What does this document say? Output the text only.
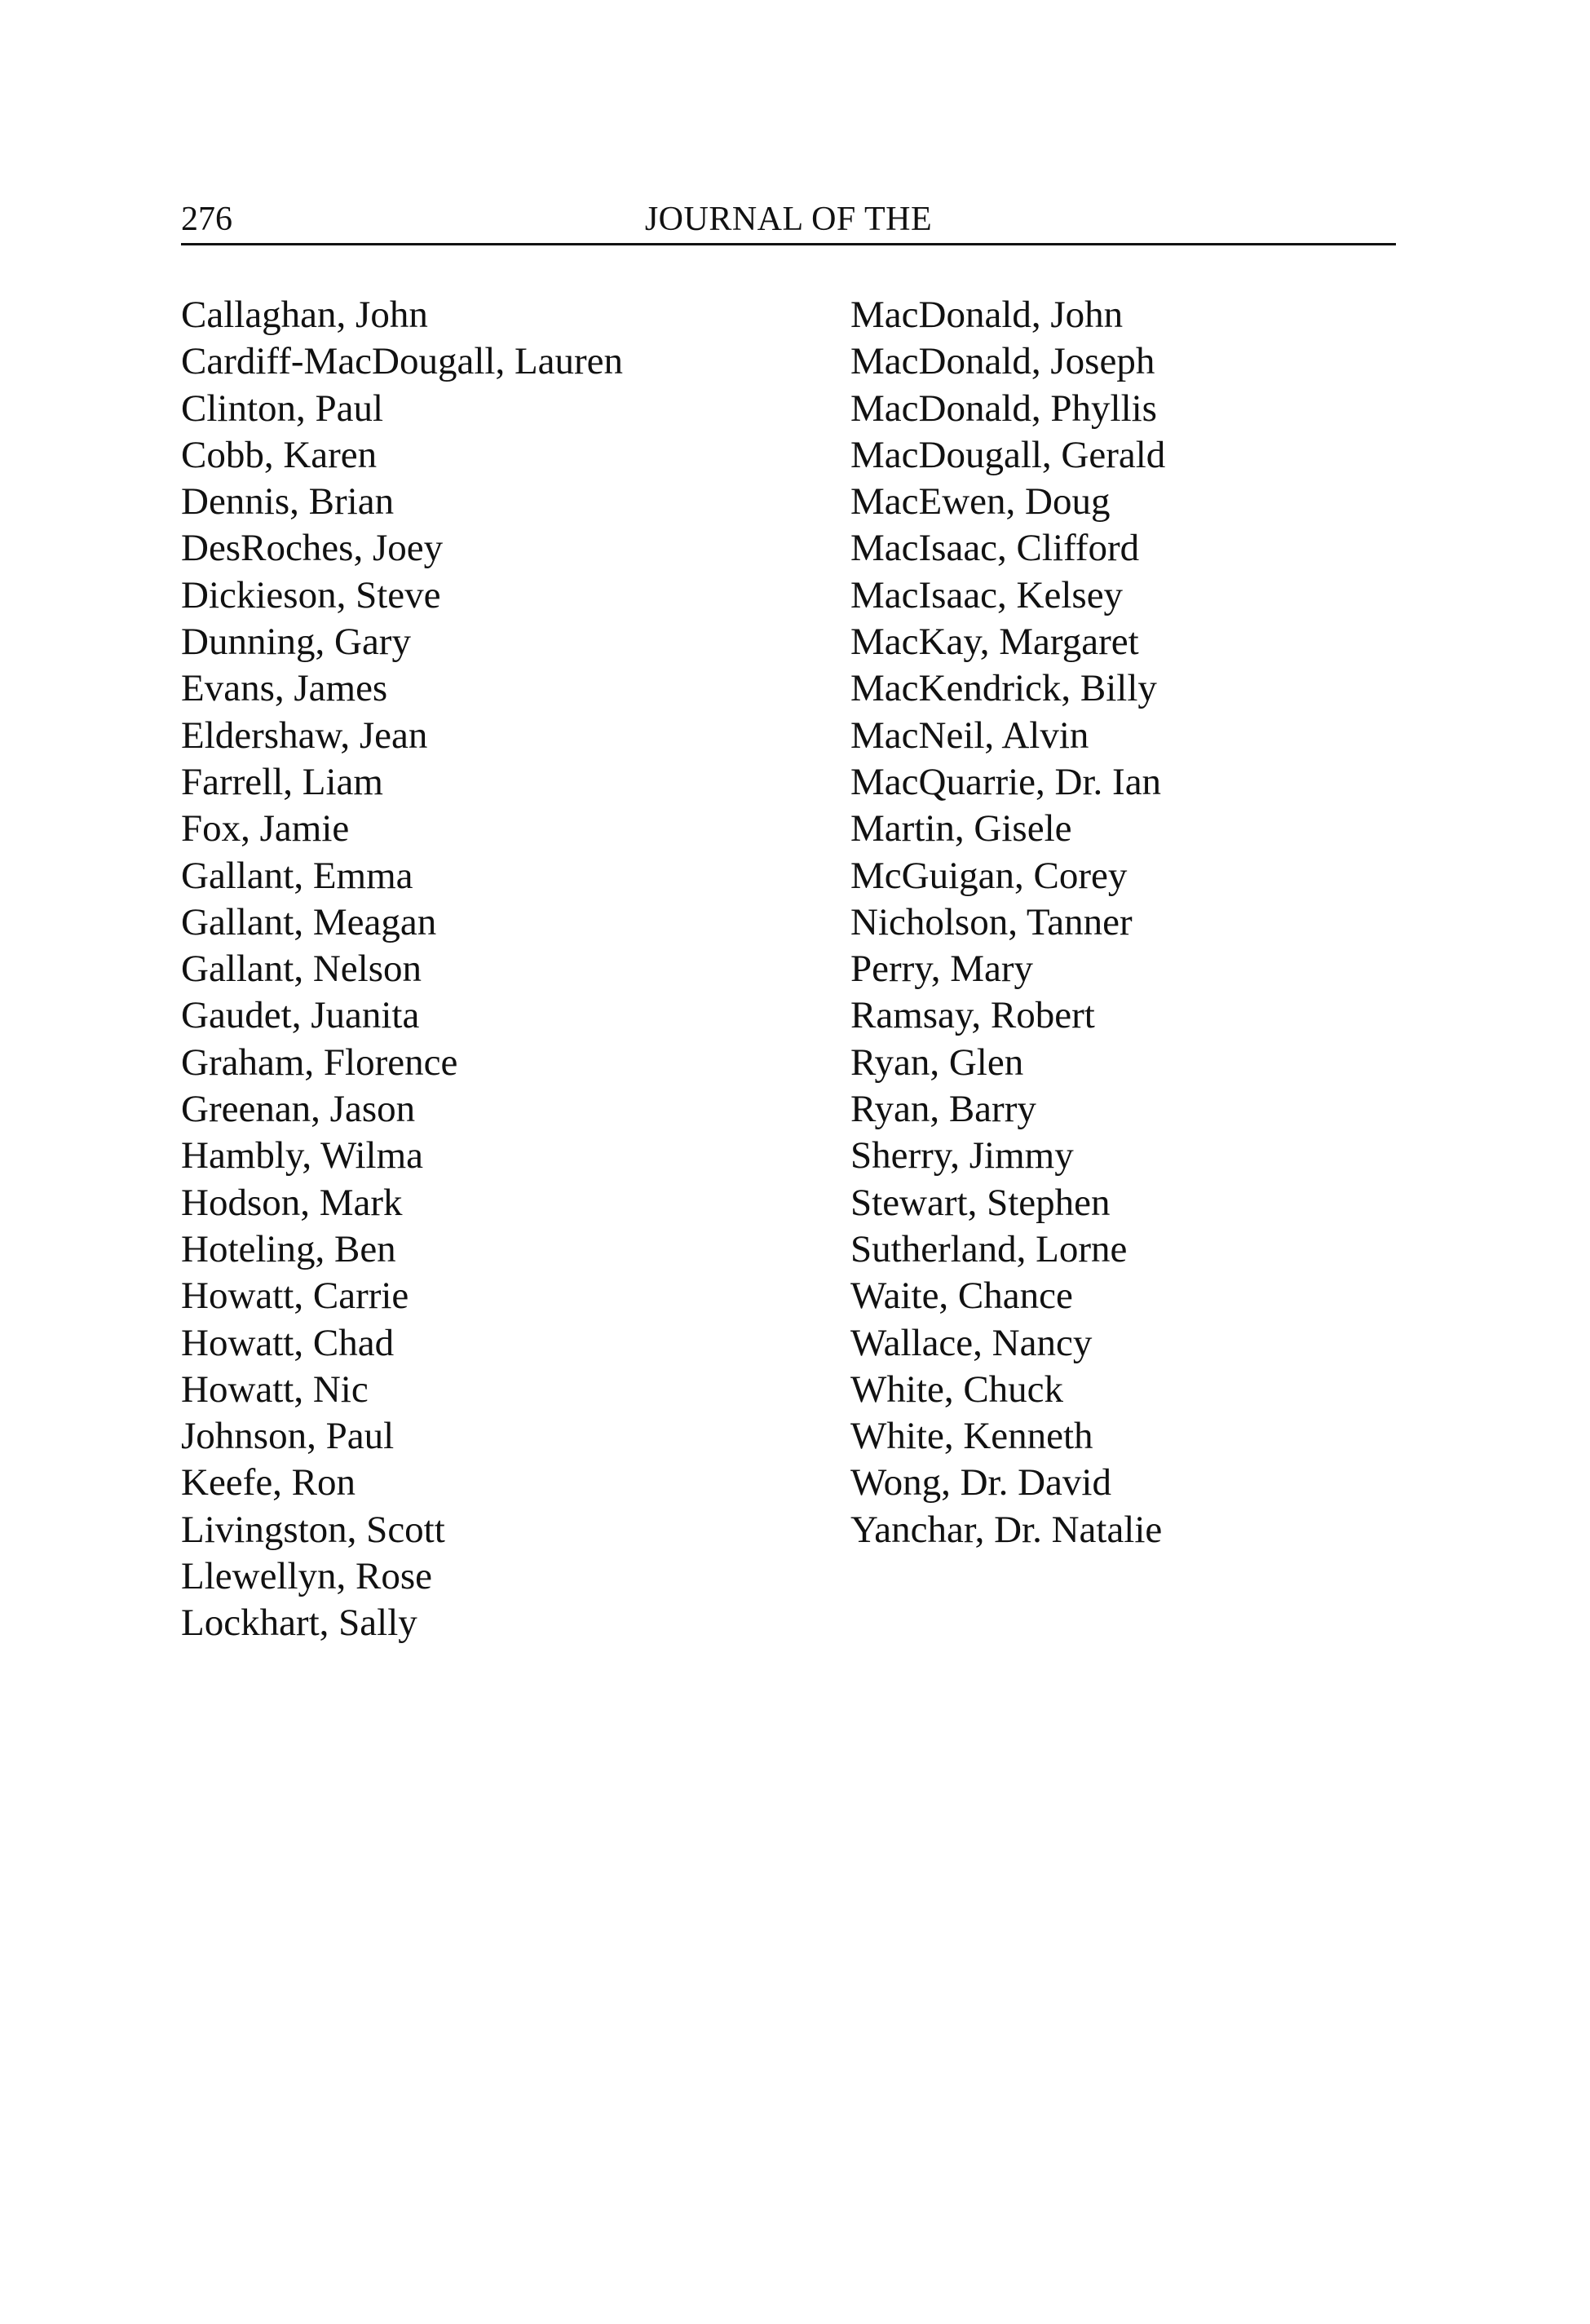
276	JOURNAL OF THE
Callaghan, John
Cardiff-MacDougall, Lauren
Clinton, Paul
Cobb, Karen
Dennis, Brian
DesRoches, Joey
Dickieson, Steve
Dunning, Gary
Evans, James
Eldershaw, Jean
Farrell, Liam
Fox, Jamie
Gallant, Emma
Gallant, Meagan
Gallant, Nelson
Gaudet, Juanita
Graham, Florence
Greenan, Jason
Hambly, Wilma
Hodson, Mark
Hoteling, Ben
Howatt, Carrie
Howatt, Chad
Howatt, Nic
Johnson, Paul
Keefe, Ron
Livingston, Scott
Llewellyn, Rose
Lockhart, Sally
MacDonald, John
MacDonald, Joseph
MacDonald, Phyllis
MacDougall, Gerald
MacEwen, Doug
MacIsaac, Clifford
MacIsaac, Kelsey
MacKay, Margaret
MacKendrick, Billy
MacNeil, Alvin
MacQuarrie, Dr. Ian
Martin, Gisele
McGuigan, Corey
Nicholson, Tanner
Perry, Mary
Ramsay, Robert
Ryan, Glen
Ryan, Barry
Sherry, Jimmy
Stewart, Stephen
Sutherland, Lorne
Waite, Chance
Wallace, Nancy
White, Chuck
White, Kenneth
Wong, Dr. David
Yanchar, Dr. Natalie
